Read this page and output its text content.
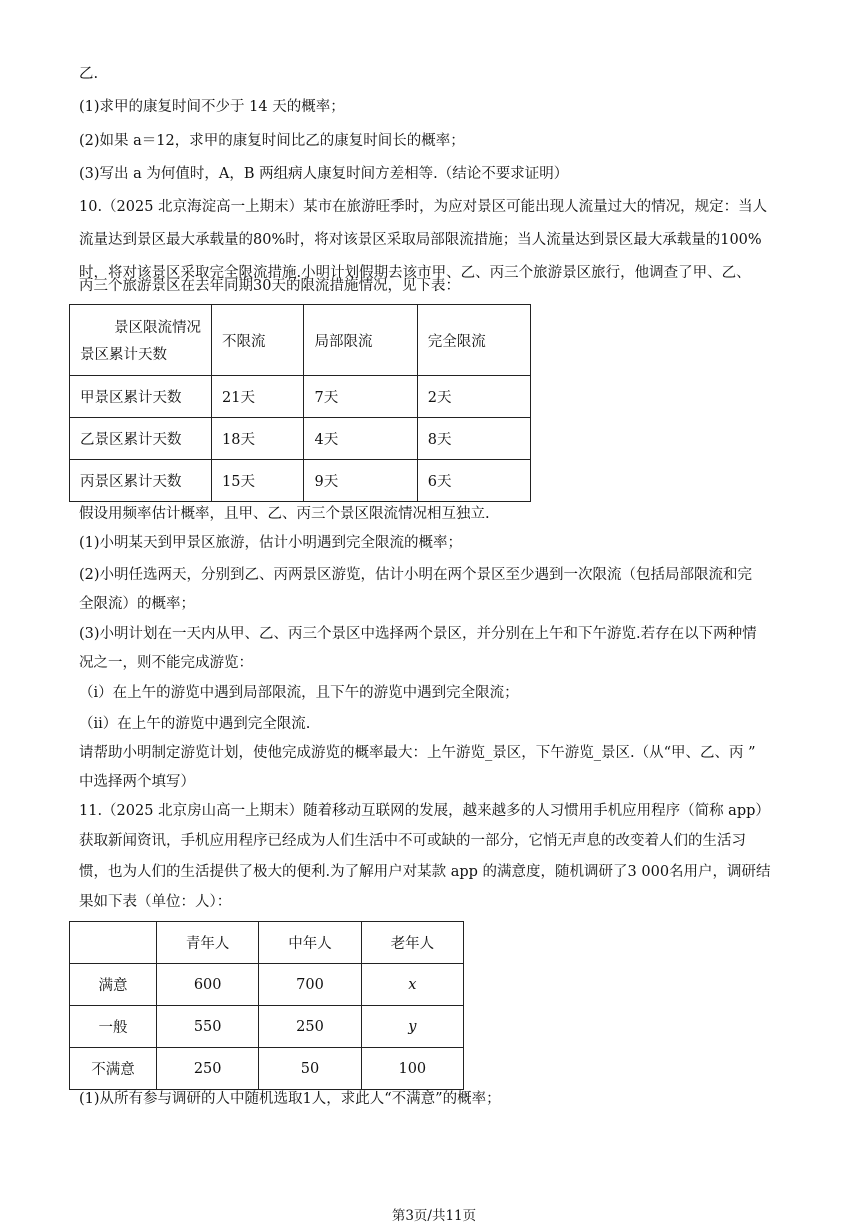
乙.
(1)求甲的康复时间不少于 14 天的概率；
(2)如果 a＝12，求甲的康复时间比乙的康复时间长的概率；
(3)写出 a 为何值时，A，B 两组病人康复时间方差相等.（结论不要求证明）
10.（2025 北京海淀高一上期末）某市在旅游旺季时，为应对景区可能出现人流量过大的情况，规定：当人
流量达到景区最大承载量的80%时，将对该景区采取局部限流措施；当人流量达到景区最大承载量的100%
时，将对该景区采取完全限流措施.小明计划假期去该市甲、乙、丙三个旅游景区旅行，他调查了甲、乙、
丙三个旅游景区在去年同期30天的限流措施情况，见下表：
景区限流情况
景区累计天数	不限流	局部限流	完全限流
甲景区累计天数	21天	7天	2天
乙景区累计天数	18天	4天	8天
丙景区累计天数	15天	9天	6天
假设用频率估计概率，且甲、乙、丙三个景区限流情况相互独立.
(1)小明某天到甲景区旅游，估计小明遇到完全限流的概率；
(2)小明任选两天，分别到乙、丙两景区游览，估计小明在两个景区至少遇到一次限流（包括局部限流和完
全限流）的概率；
(3)小明计划在一天内从甲、乙、丙三个景区中选择两个景区，并分别在上午和下午游览.若存在以下两种情
况之一，则不能完成游览：
（i）在上午的游览中遇到局部限流，且下午的游览中遇到完全限流；
（ii）在上午的游览中遇到完全限流.
请帮助小明制定游览计划，使他完成游览的概率最大：上午游览_景区，下午游览_景区.（从“甲、乙、丙 ”
中选择两个填写）
11.（2025 北京房山高一上期末）随着移动互联网的发展，越来越多的人习惯用手机应用程序（简称 app）
获取新闻资讯，手机应用程序已经成为人们生活中不可或缺的一部分，它悄无声息的改变着人们的生活习
惯，也为人们的生活提供了极大的便利.为了解用户对某款 app 的满意度，随机调研了3 000名用户，调研结
果如下表（单位：人）：
	青年人	中年人	老年人
满意	600	700	x
一般	550	250	y
不满意	250	50	100
(1)从所有参与调研的人中随机选取1人，求此人“不满意”的概率；
第3页/共11页
